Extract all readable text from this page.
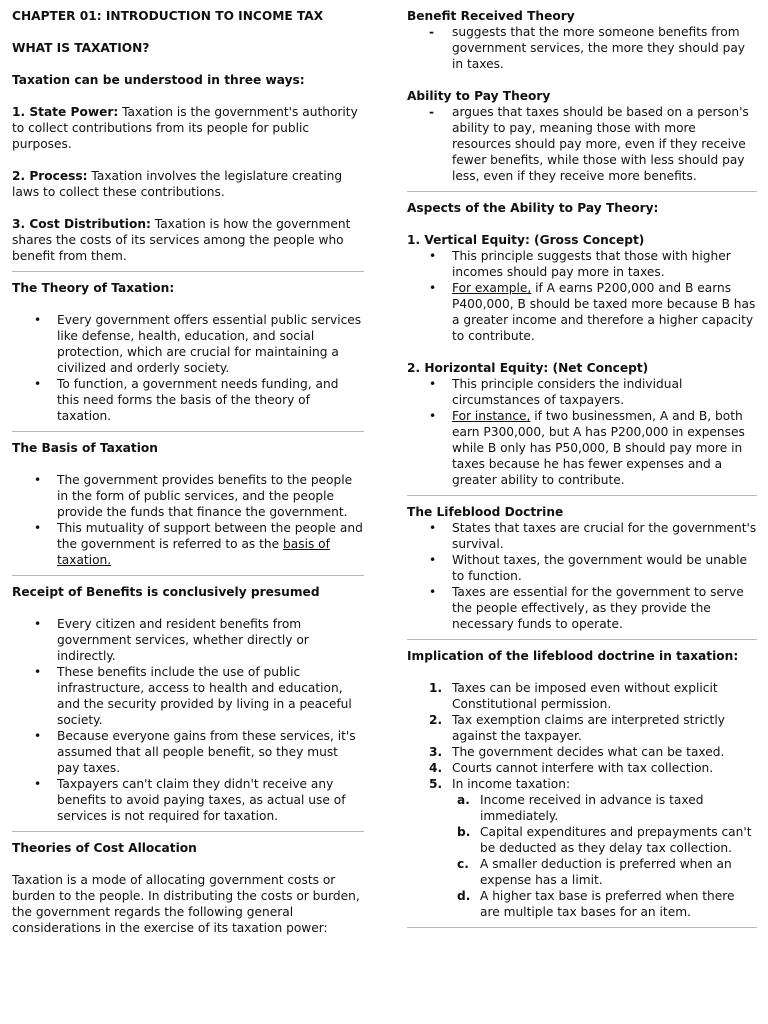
CHAPTER 01: INTRODUCTION TO INCOME TAX

WHAT IS TAXATION?

Taxation can be understood in three ways:

1. State Power: Taxation is the government's authority to collect contributions from its people for public purposes.

2. Process: Taxation involves the legislature creating laws to collect these contributions.

3. Cost Distribution: Taxation is how the government shares the costs of its services among the people who benefit from them.

The Theory of Taxation:

• Every government offers essential public services like defense, health, education, and social protection, which are crucial for maintaining a civilized and orderly society.
• To function, a government needs funding, and this need forms the basis of the theory of taxation.

The Basis of Taxation

• The government provides benefits to the people in the form of public services, and the people provide the funds that finance the government.
• This mutuality of support between the people and the government is referred to as the basis of taxation.

Receipt of Benefits is conclusively presumed

• Every citizen and resident benefits from government services, whether directly or indirectly.
• These benefits include the use of public infrastructure, access to health and education, and the security provided by living in a peaceful society.
• Because everyone gains from these services, it's assumed that all people benefit, so they must pay taxes.
• Taxpayers can't claim they didn't receive any benefits to avoid paying taxes, as actual use of services is not required for taxation.

Theories of Cost Allocation

Taxation is a mode of allocating government costs or burden to the people. In distributing the costs or burden, the government regards the following general considerations in the exercise of its taxation power:

Benefit Received Theory

- suggests that the more someone benefits from government services, the more they should pay in taxes.

Ability to Pay Theory

- argues that taxes should be based on a person's ability to pay, meaning those with more resources should pay more, even if they receive fewer benefits, while those with less should pay less, even if they receive more benefits.

Aspects of the Ability to Pay Theory:

1. Vertical Equity: (Gross Concept)

• This principle suggests that those with higher incomes should pay more in taxes.
• For example, if A earns P200,000 and B earns P400,000, B should be taxed more because B has a greater income and therefore a higher capacity to contribute.

2. Horizontal Equity: (Net Concept)

• This principle considers the individual circumstances of taxpayers.
• For instance, if two businessmen, A and B, both earn P300,000, but A has P200,000 in expenses while B only has P50,000, B should pay more in taxes because he has fewer expenses and a greater ability to contribute.

The Lifeblood Doctrine

• States that taxes are crucial for the government's survival.
• Without taxes, the government would be unable to function.
• Taxes are essential for the government to serve the people effectively, as they provide the necessary funds to operate.

Implication of the lifeblood doctrine in taxation:

1. Taxes can be imposed even without explicit Constitutional permission.
2. Tax exemption claims are interpreted strictly against the taxpayer.
3. The government decides what can be taxed.
4. Courts cannot interfere with tax collection.
5. In income taxation:
a. Income received in advance is taxed immediately.
b. Capital expenditures and prepayments can't be deducted as they delay tax collection.
c. A smaller deduction is preferred when an expense has a limit.
d. A higher tax base is preferred when there are multiple tax bases for an item.
